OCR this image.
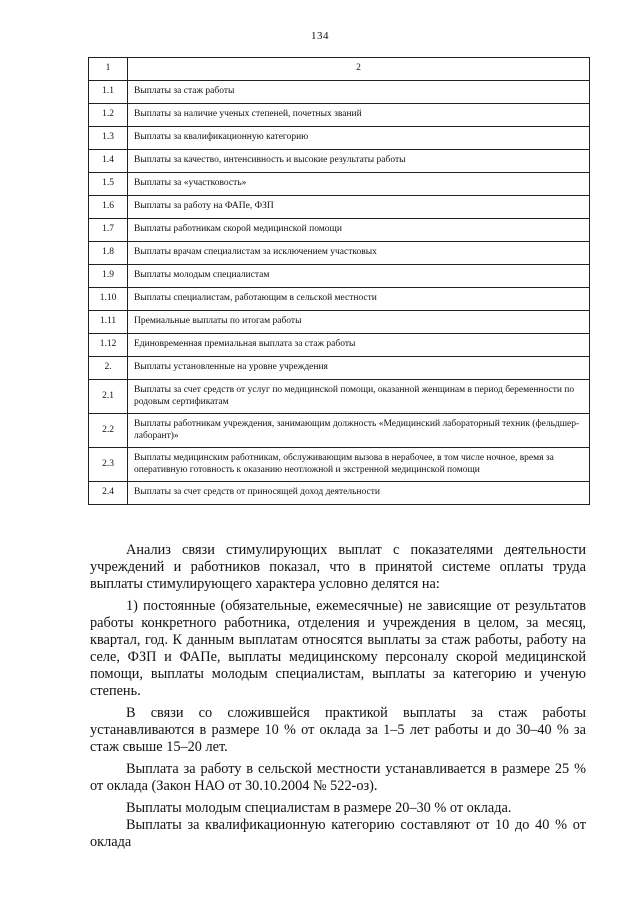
134
1	2
1.1	Выплаты за стаж работы
1.2	Выплаты за наличие ученых степеней, почетных званий
1.3	Выплаты за квалификационную категорию
1.4	Выплаты за качество, интенсивность и высокие результаты работы
1.5	Выплаты за «участковость»
1.6	Выплаты за работу на ФАПе, ФЗП
1.7	Выплаты работникам скорой медицинской помощи
1.8	Выплаты врачам специалистам за исключением участковых
1.9	Выплаты молодым специалистам
1.10	Выплаты специалистам, работающим в сельской местности
1.11	Премиальные выплаты по итогам работы
1.12	Единовременная премиальная выплата за стаж работы
2.	Выплаты установленные на уровне учреждения
2.1	Выплаты за счет средств от услуг по медицинской помощи, оказанной женщинам в период беременности по родовым сертификатам
2.2	Выплаты работникам учреждения, занимающим должность «Медицинский лабораторный техник (фельдшер-лаборант)»
2.3	Выплаты медицинским работникам, обслуживающим вызова в нерабочее, в том числе ночное, время за оперативную готовность к оказанию неотложной и экстренной медицинской помощи
2.4	Выплаты за счет средств от приносящей доход деятельности

Анализ связи стимулирующих выплат с показателями деятельности учреждений и работников показал, что в принятой системе оплаты труда выплаты стимулирующего характера условно делятся на:

1) постоянные (обязательные, ежемесячные) не зависящие от результатов работы конкретного работника, отделения и учреждения в целом, за месяц, квартал, год. К данным выплатам относятся выплаты за стаж работы, работу на селе, ФЗП и ФАПе, выплаты медицинскому персоналу скорой медицинской помощи, выплаты молодым специалистам, выплаты за категорию и ученую степень.

В связи со сложившейся практикой выплаты за стаж работы устанавливаются в размере 10 % от оклада за 1–5 лет работы и до 30–40 % за стаж свыше 15–20 лет.

Выплата за работу в сельской местности устанавливается в размере 25 % от оклада (Закон НАО от 30.10.2004 № 522-оз).

Выплаты молодым специалистам в размере 20–30 % от оклада.

Выплаты за квалификационную категорию составляют от 10 до 40 % от оклада
